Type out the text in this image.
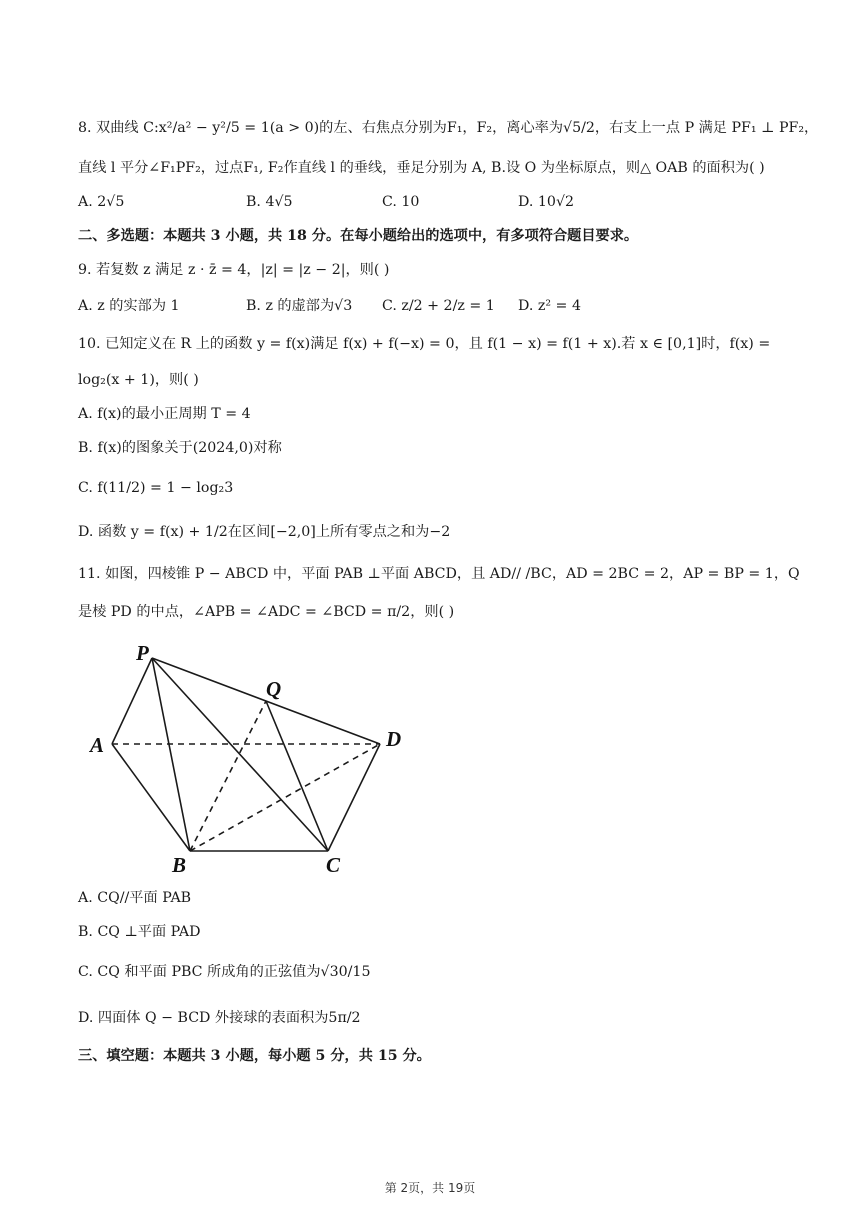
8. 双曲线 C:x²/a² − y²/5 = 1(a > 0)的左、右焦点分别为F₁，F₂，离心率为√5/2，右支上一点 P 满足 PF₁ ⊥ PF₂，
直线 l 平分∠F₁PF₂，过点F₁, F₂作直线 l 的垂线，垂足分别为 A, B.设 O 为坐标原点，则△ OAB 的面积为( )
A. 2√5	B. 4√5	C. 10	D. 10√2
二、多选题：本题共 3 小题，共 18 分。在每小题给出的选项中，有多项符合题目要求。
9. 若复数 z 满足 z · z̄ = 4，|z| = |z − 2|，则( )
A. z 的实部为 1	B. z 的虚部为√3 C. z/2 + 2/z = 1 D. z² = 4
10. 已知定义在 R 上的函数 y = f(x)满足 f(x) + f(−x) = 0，且 f(1 − x) = f(1 + x).若 x ∈ [0,1]时，f(x) =
log₂(x + 1)，则( )
A. f(x)的最小正周期 T = 4
B. f(x)的图象关于(2024,0)对称
C. f(11/2) = 1 − log₂3
D. 函数 y = f(x) + 1/2在区间[−2,0]上所有零点之和为−2
11. 如图，四棱锥 P − ABCD 中，平面 PAB ⊥平面 ABCD，且 AD// /BC，AD = 2BC = 2，AP = BP = 1，Q
是棱 PD 的中点，∠APB = ∠ADC = ∠BCD = π/2，则( )
P
Q
A	D
B	C
A. CQ//平面 PAB
B. CQ ⊥平面 PAD
C. CQ 和平面 PBC 所成角的正弦值为√30/15
D. 四面体 Q − BCD 外接球的表面积为5π/2
三、填空题：本题共 3 小题，每小题 5 分，共 15 分。
第 2页，共 19页
